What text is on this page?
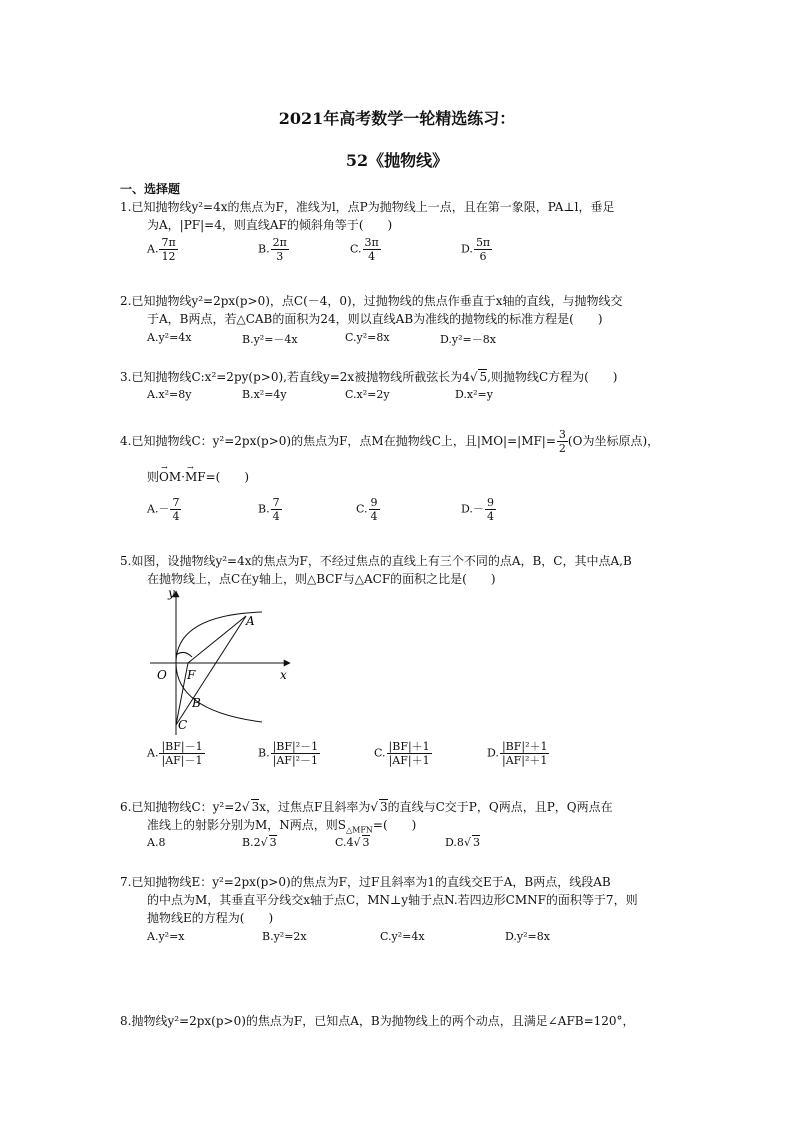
2021年高考数学一轮精选练习：
52《抛物线》
一、选择题
1.已知抛物线y²=4x的焦点为F，准线为l，点P为抛物线上一点，且在第一象限，PA⊥l，垂足
为A，|PF|=4，则直线AF的倾斜角等于(　　)
A. $\frac{7\pi}{12}$	B. $\frac{2\pi}{3}$	C. $\frac{3\pi}{4}$	D. $\frac{5\pi}{6}$
2.已知抛物线y²=2px(p>0)，点C(－4，0)，过抛物线的焦点作垂直于x轴的直线，与抛物线交
于A，B两点，若△CAB的面积为24，则以直线AB为准线的抛物线的标准方程是(　　)
A.y²=4x	B.y²=－4x	C.y²=8x	D.y²=－8x
3.已知抛物线C:x²=2py(p>0),若直线y=2x被抛物线所截弦长为4√ 5,则抛物线C方程为(　　)
A.x²=8y	B.x²=4y	C.x²=2y	D.x²=y
4.已知抛物线C：y²=2px(p>0)的焦点为F，点M在抛物线C上，且$|MO|=|MF|= \frac{3}{2} (O$为坐标原点)，
则→ OM·→ MF=(　　)
$A.- \frac{7}{4}$	B. $\frac{7}{4}$	C. $\frac{9}{4}$	$D.- \frac{9}{4}$
5.如图，设抛物线y²=4x的焦点为F，不经过焦点的直线上有三个不同的点A，B，C，其中点A,B
在抛物线上，点C在y轴上，则△BCF与△ACF的面积之比是(　　)
y
x
O F
A
B
C
A. $\frac{|BF|-1}{|AF|-1}$	B. $\frac{\text{|BF|²－1}}{\text{|AF|²－1}}$	C. $\frac{|BF|+1}{|AF|+1}$	D. $\frac{\text{|BF|²＋1}}{\text{|AF|²＋1}}$
6.已知抛物线C：y²=2√ 3x，过焦点F且斜率为√ 3的直线与C交于P，Q两点，且P，Q两点在
准线上的射影分别为M，N两点，则$S_{\triangle MFN}=$(　　)
A.8	B.2√ 3	C.4√ 3	D.8√ 3
7.已知抛物线E：y²=2px(p>0)的焦点为F，过F且斜率为1的直线交E于A，B两点，线段AB
的中点为M，其垂直平分线交x轴于点C，MN⊥y轴于点N.若四边形CMNF的面积等于7，则
抛物线E的方程为(　　)
A.y²=x	B.y²=2x	C.y²=4x	D.y²=8x
8.抛物线y²=2px(p>0)的焦点为F，已知点A，B为抛物线上的两个动点，且满足∠AFB=120°，
